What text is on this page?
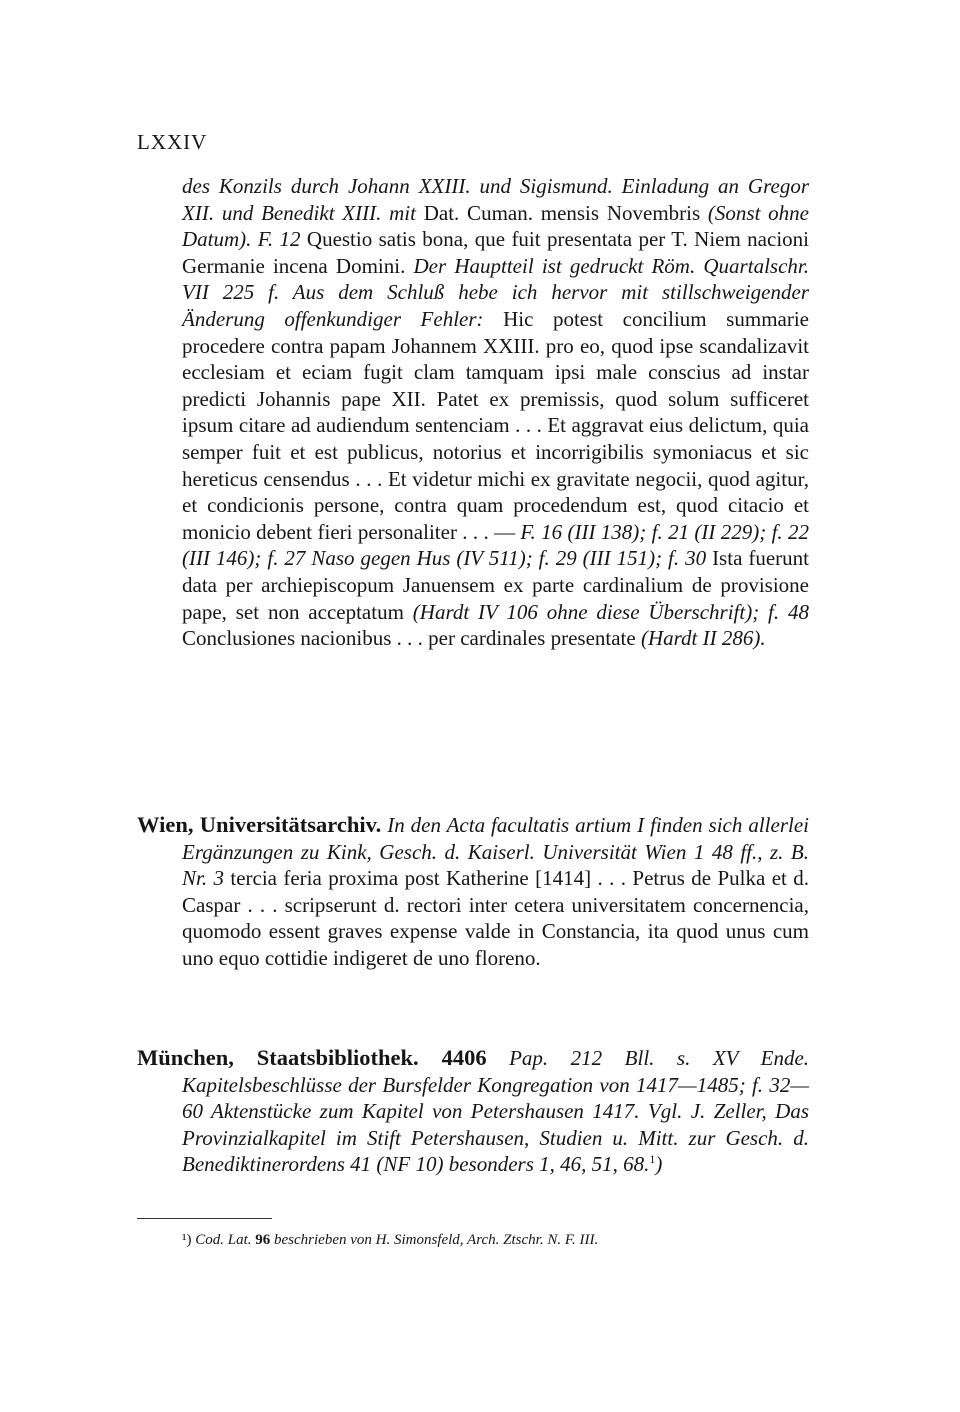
LXXIV
des Konzils durch Johann XXIII. und Sigismund. Einladung an Gregor XII. und Benedikt XIII. mit Dat. Cuman. mensis Novembris (Sonst ohne Datum). F. 12 Questio satis bona, que fuit presentata per T. Niem nacioni Germanie incena Domini. Der Hauptteil ist gedruckt Röm. Quartalschr. VII 225 f. Aus dem Schluß hebe ich hervor mit stillschweigender Änderung offenkundiger Fehler: Hic potest concilium summarie procedere contra papam Johannem XXIII. pro eo, quod ipse scandalizavit ecclesiam et eciam fugit clam tamquam ipsi male conscius ad instar predicti Johannis pape XII. Patet ex premissis, quod solum sufficeret ipsum citare ad audiendum sentenciam . . . Et aggravat eius delictum, quia semper fuit et est publicus, notorius et incorrigibilis symoniacus et sic hereticus censendus . . . Et videtur michi ex gravitate negocii, quod agitur, et condicionis persone, contra quam procedendum est, quod citacio et monicio debent fieri personaliter . . . — F. 16 (III 138); f. 21 (II 229); f. 22 (III 146); f. 27 Naso gegen Hus (IV 511); f. 29 (III 151); f. 30 Ista fuerunt data per archiepiscopum Januensem ex parte cardinalium de provisione pape, set non acceptatum (Hardt IV 106 ohne diese Überschrift); f. 48 Conclusiones nacionibus . . . per cardinales presentate (Hardt II 286).
Wien, Universitätsarchiv. In den Acta facultatis artium I finden sich allerlei Ergänzungen zu Kink, Gesch. d. Kaiserl. Universität Wien 1 48 ff., z. B. Nr. 3 tercia feria proxima post Katherine [1414] . . . Petrus de Pulka et d. Caspar . . . scripserunt d. rectori inter cetera universitatem concernencia, quomodo essent graves expense valde in Constancia, ita quod unus cum uno equo cottidie indigeret de uno floreno.
München, Staatsbibliothek. 4406 Pap. 212 Bll. s. XV Ende. Kapitelsbeschlüsse der Bursfelder Kongregation von 1417—1485; f. 32—60 Aktenstücke zum Kapitel von Petershausen 1417. Vgl. J. Zeller, Das Provinzialkapitel im Stift Petershausen, Studien u. Mitt. zur Gesch. d. Benediktinerordens 41 (NF 10) besonders 1, 46, 51, 68.$^1$)
¹) Cod. Lat. 96 beschrieben von H. Simonsfeld, Arch. Ztschr. N. F. III.
